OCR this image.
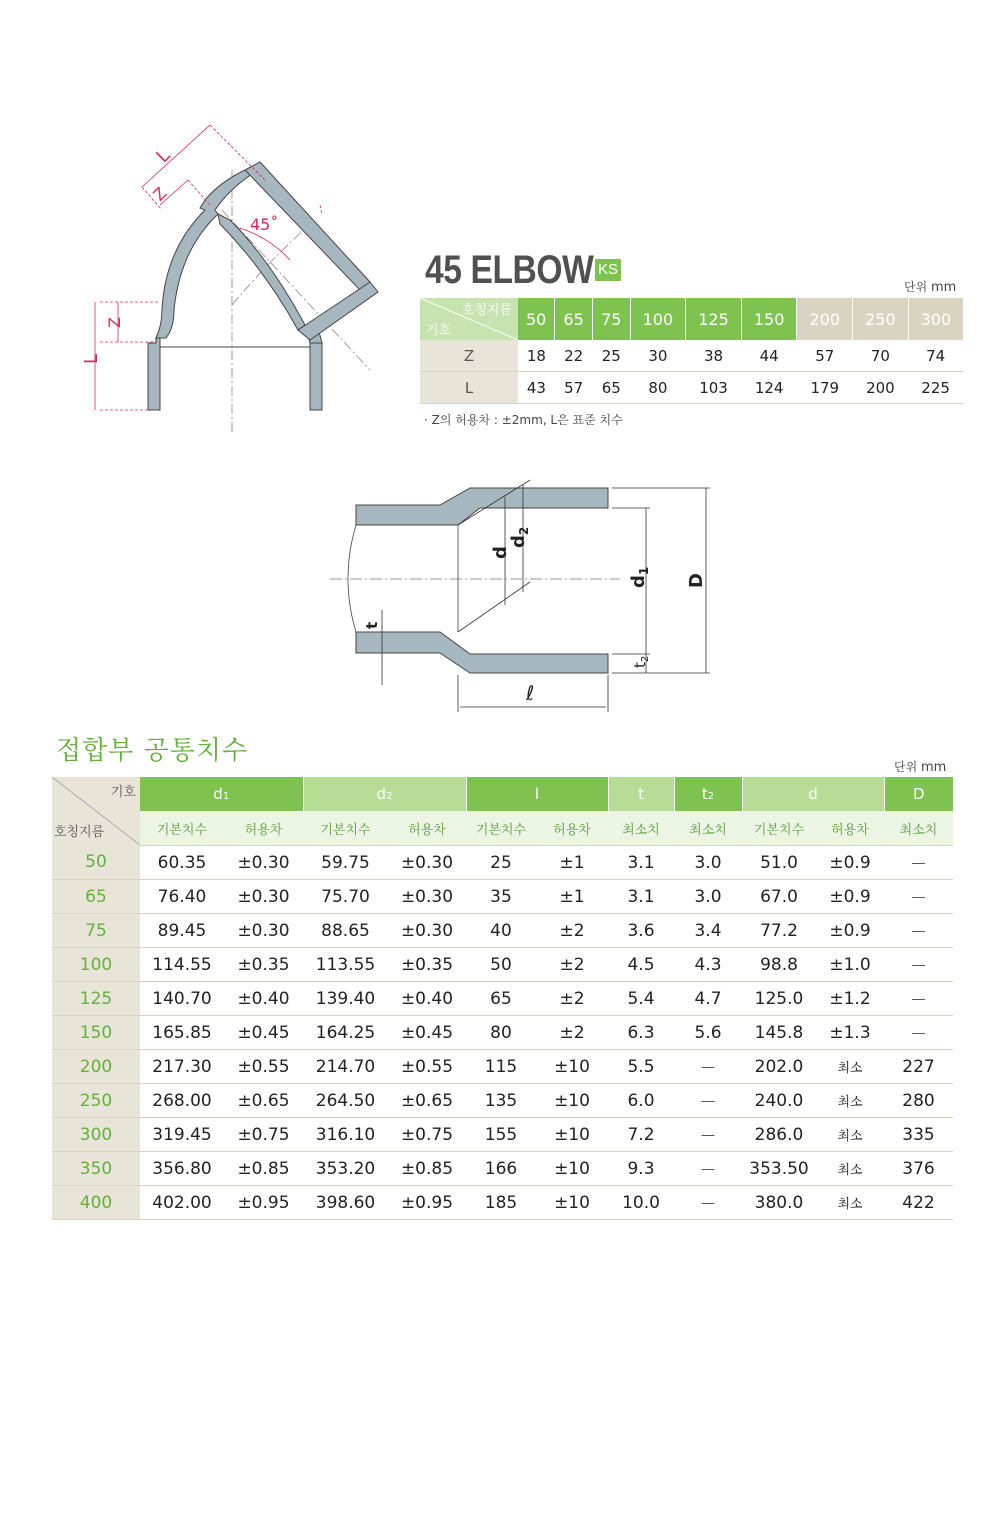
L
Z
L
Z
45˚
45 ELBOW KS
단위 mm
호칭지름
기호	50	65	75	100	125	150	200	250	300
Z	18	22	25	30	38	44	57	70	74
L	43	57	65	80	103	124	179	200	225
· Z의 허용차 : ±2mm, L은 표준 치수
d
$d_2$
$d_1$
D
t
$t_2$
ℓ
접합부 공통치수
단위 mm
기호
호칭지름	d1		d2		l		t	t2	d		D
	기본치수	허용차	기본치수	허용차	기본치수	허용차	최소치	최소치	기본치수	허용차	최소치
50	60.35	±0.30	59.75	±0.30	25	±1	3.1	3.0	51.0	±0.9	－
65	76.40	±0.30	75.70	±0.30	35	±1	3.1	3.0	67.0	±0.9	－
75	89.45	±0.30	88.65	±0.30	40	±2	3.6	3.4	77.2	±0.9	－
100	114.55	±0.35	113.55	±0.35	50	±2	4.5	4.3	98.8	±1.0	－
125	140.70	±0.40	139.40	±0.40	65	±2	5.4	4.7	125.0	±1.2	－
150	165.85	±0.45	164.25	±0.45	80	±2	6.3	5.6	145.8	±1.3	－
200	217.30	±0.55	214.70	±0.55	115	±10	5.5	－	202.0	최소	227
250	268.00	±0.65	264.50	±0.65	135	±10	6.0	－	240.0	최소	280
300	319.45	±0.75	316.10	±0.75	155	±10	7.2	－	286.0	최소	335
350	356.80	±0.85	353.20	±0.85	166	±10	9.3	－	353.50	최소	376
400	402.00	±0.95	398.60	±0.95	185	±10	10.0	－	380.0	최소	422
